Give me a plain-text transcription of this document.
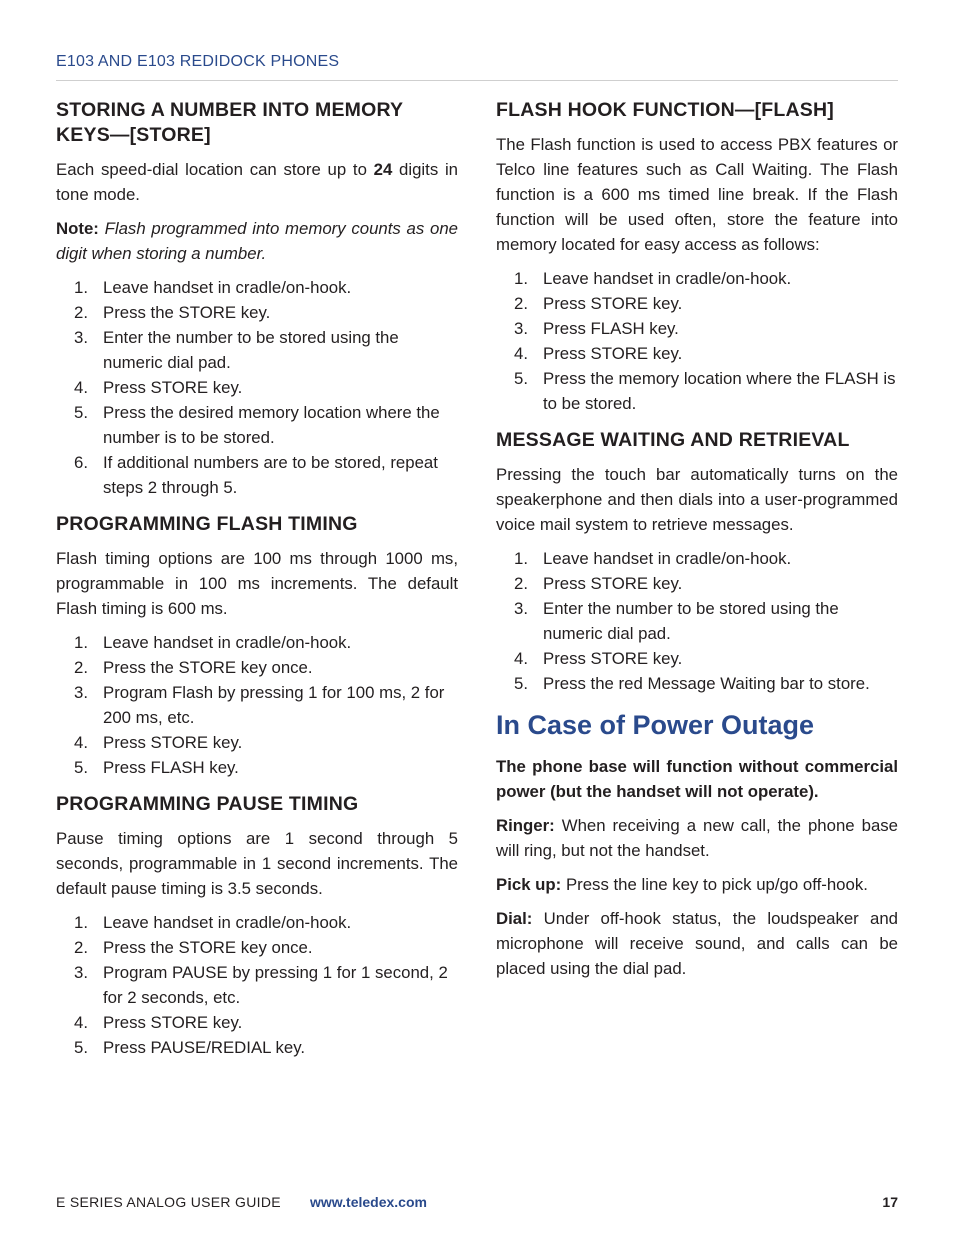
E103 AND E103 REDIDOCK PHONES
STORING A NUMBER INTO MEMORY KEYS—[STORE]

Each speed-dial location can store up to 24 digits in tone mode.

Note: Flash programmed into memory counts as one digit when storing a number.

1. Leave handset in cradle/on-hook.
2. Press the STORE key.
3. Enter the number to be stored using the numeric dial pad.
4. Press STORE key.
5. Press the desired memory location where the number is to be stored.
6. If additional numbers are to be stored, repeat steps 2 through 5.
PROGRAMMING FLASH TIMING

Flash timing options are 100 ms through 1000 ms, programmable in 100 ms increments. The default Flash timing is 600 ms.

1. Leave handset in cradle/on-hook.
2. Press the STORE key once.
3. Program Flash by pressing 1 for 100 ms, 2 for 200 ms, etc.
4. Press STORE key.
5. Press FLASH key.
PROGRAMMING PAUSE TIMING

Pause timing options are 1 second through 5 seconds, programmable in 1 second increments. The default pause timing is 3.5 seconds.

1. Leave handset in cradle/on-hook.
2. Press the STORE key once.
3. Program PAUSE by pressing 1 for 1 second, 2 for 2 seconds, etc.
4. Press STORE key.
5. Press PAUSE/REDIAL key.
FLASH HOOK FUNCTION—[FLASH]

The Flash function is used to access PBX features or Telco line features such as Call Waiting. The Flash function is a 600 ms timed line break. If the Flash function will be used often, store the feature into memory located for easy access as follows:

1. Leave handset in cradle/on-hook.
2. Press STORE key.
3. Press FLASH key.
4. Press STORE key.
5. Press the memory location where the FLASH is to be stored.
MESSAGE WAITING AND RETRIEVAL

Pressing the touch bar automatically turns on the speakerphone and then dials into a user-programmed voice mail system to retrieve messages.

1. Leave handset in cradle/on-hook.
2. Press STORE key.
3. Enter the number to be stored using the numeric dial pad.
4. Press STORE key.
5. Press the red Message Waiting bar to store.
In Case of Power Outage

The phone base will function without commercial power (but the handset will not operate).

Ringer: When receiving a new call, the phone base will ring, but not the handset.

Pick up: Press the line key to pick up/go off-hook.

Dial: Under off-hook status, the loudspeaker and microphone will receive sound, and calls can be placed using the dial pad.

E SERIES ANALOG USER GUIDE www.teledex.com	17
